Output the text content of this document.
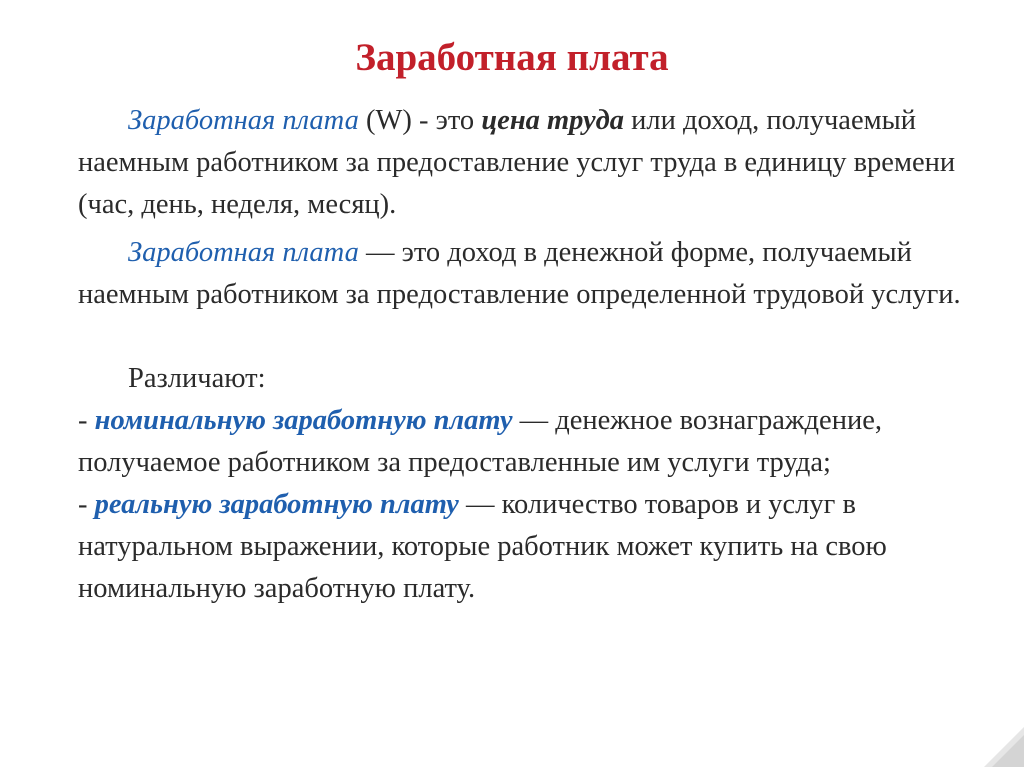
Заработная плата

Заработная плата (W) - это цена труда или доход, получаемый наемным работником за предоставление услуг труда в единицу времени (час, день, неделя, месяц).

Заработная плата — это доход в денежной форме, получаемый наемным работником за предоставление определенной трудовой услуги.

Различают:

- номинальную заработную плату — денежное вознаграждение, получаемое работником за предоставленные им услуги труда;

- реальную заработную плату — количество товаров и услуг в натуральном выражении, которые работник может купить на свою номинальную заработную плату.
